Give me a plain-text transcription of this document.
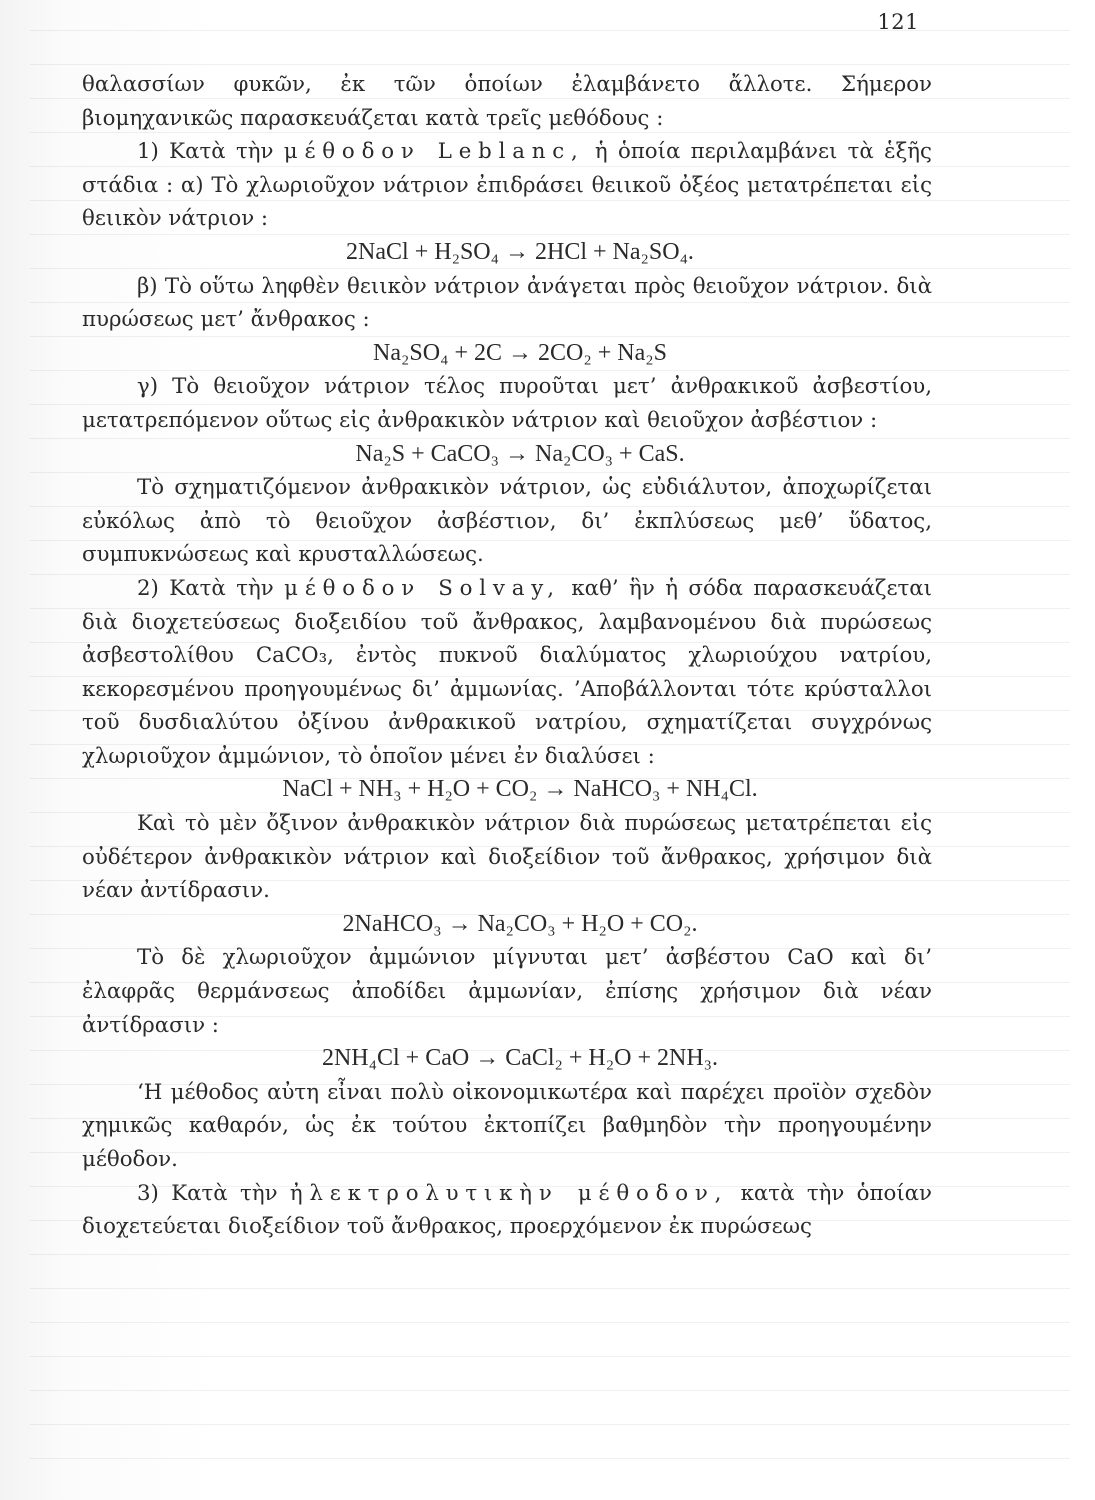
121

θαλασσίων φυκῶν, ἐκ τῶν ὁποίων ἐλαμβάνετο ἄλλοτε. Σήμερον βιομηχανικῶς παρασκευάζεται κατὰ τρεῖς μεθόδους :

1) Κατὰ τὴν μέθοδον Leblanc, ἡ ὁποία περιλαμβάνει τὰ ἑξῆς στάδια : α) Τὸ χλωριοῦχον νάτριον ἐπιδράσει θειικοῦ ὀξέος μετατρέπεται εἰς θειικὸν νάτριον :

2NaCl + H₂SO₄ → 2HCl + Na₂SO₄.

β) Τὸ οὕτω ληφθὲν θειικὸν νάτριον ἀνάγεται πρὸς θειοῦχον νάτριον. διὰ πυρώσεως μετ’ ἄνθρακος :

Na₂SO₄ + 2C → 2CO₂ + Na₂S

γ) Τὸ θειοῦχον νάτριον τέλος πυροῦται μετ’ ἀνθρακικοῦ ἀσβεστίου, μετατρεπόμενον οὕτως εἰς ἀνθρακικὸν νάτριον καὶ θειοῦχον ἀσβέστιον :

Na₂S + CaCO₃ → Na₂CO₃ + CaS.

Τὸ σχηματιζόμενον ἀνθρακικὸν νάτριον, ὡς εὐδιάλυτον, ἀποχωρίζεται εὐκόλως ἀπὸ τὸ θειοῦχον ἀσβέστιον, δι’ ἐκπλύσεως μεθ’ ὕδατος, συμπυκνώσεως καὶ κρυσταλλώσεως.

2) Κατὰ τὴν μέθοδον Solvay, καθ’ ἣν ἡ σόδα παρασκευάζεται διὰ διοχετεύσεως διοξειδίου τοῦ ἄνθρακος, λαμβανομένου διὰ πυρώσεως ἀσβεστολίθου CaCO₃, ἐντὸς πυκνοῦ διαλύματος χλωριούχου νατρίου, κεκορεσμένου προηγουμένως δι’ ἀμμωνίας. ’Αποβάλλονται τότε κρύσταλλοι τοῦ δυσδιαλύτου ὀξίνου ἀνθρακικοῦ νατρίου, σχηματίζεται συγχρόνως χλωριοῦχον ἀμμώνιον, τὸ ὁποῖον μένει ἐν διαλύσει :

NaCl + NH₃ + H₂O + CO₂ → NaHCO₃ + NH₄Cl.

Καὶ τὸ μὲν ὄξινον ἀνθρακικὸν νάτριον διὰ πυρώσεως μετατρέπεται εἰς οὐδέτερον ἀνθρακικὸν νάτριον καὶ διοξείδιον τοῦ ἄνθρακος, χρήσιμον διὰ νέαν ἀντίδρασιν.

2NaHCO₃ → Na₂CO₃ + H₂O + CO₂.

Τὸ δὲ χλωριοῦχον ἀμμώνιον μίγνυται μετ’ ἀσβέστου CaO καὶ δι’ ἐλαφρᾶς θερμάνσεως ἀποδίδει ἀμμωνίαν, ἐπίσης χρήσιμον διὰ νέαν ἀντίδρασιν :

2NH₄Cl + CaO → CaCl₂ + H₂O + 2NH₃.

‘Η μέθοδος αὐτη εἶναι πολὺ οἰκονομικωτέρα καὶ παρέχει προϊὸν σχεδὸν χημικῶς καθαρόν, ὡς ἐκ τούτου ἐκτοπίζει βαθμηδὸν τὴν προηγουμένην μέθοδον.

3) Κατὰ τὴν ἠλεκτρολυτικὴν μέθοδον, κατὰ τὴν ὁποίαν διοχετεύεται διοξείδιον τοῦ ἄνθρακος, προερχόμενον ἐκ πυρώσεως
